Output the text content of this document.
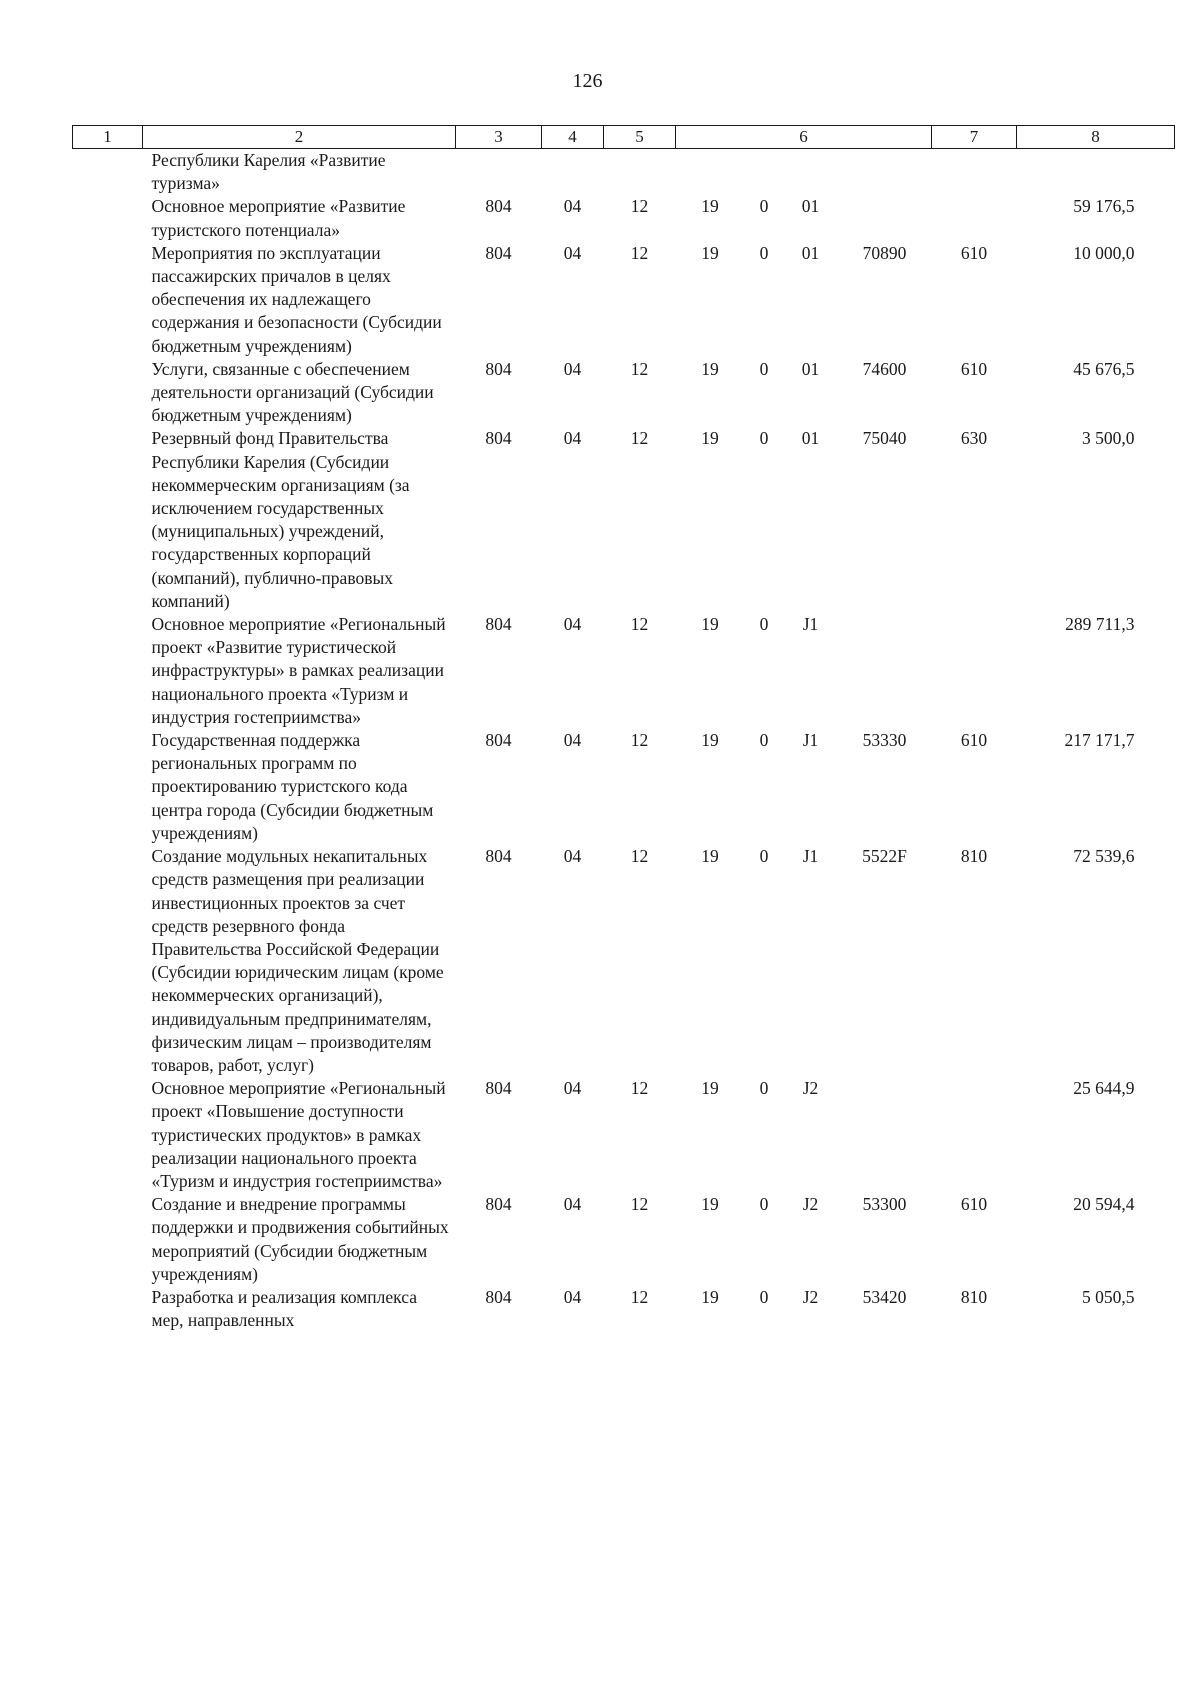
126
1	2	3	4	5	6				7	8
	Республики Карелия «Развитие туризма»									
	Основное мероприятие «Развитие туристского потенциала»	804	04	12	19	0	01			59 176,5
	Мероприятия по эксплуатации пассажирских причалов в целях обеспечения их надлежащего содержания и безопасности (Субсидии бюджетным учреждениям)	804	04	12	19	0	01	70890	610	10 000,0
	Услуги, связанные с обеспечением деятельности организаций (Субсидии бюджетным учреждениям)	804	04	12	19	0	01	74600	610	45 676,5
	Резервный фонд Правительства Республики Карелия (Субсидии некоммерческим организациям (за исключением государственных (муниципальных) учреждений, государственных корпораций (компаний), публично-правовых компаний)	804	04	12	19	0	01	75040	630	3 500,0
	Основное мероприятие «Региональный проект «Развитие туристической инфраструктуры» в рамках реализации национального проекта «Туризм и индустрия гостеприимства»	804	04	12	19	0	J1			289 711,3
	Государственная поддержка региональных программ по проектированию туристского кода центра города (Субсидии бюджетным учреждениям)	804	04	12	19	0	J1	53330	610	217 171,7
	Создание модульных некапитальных средств размещения при реализации инвестиционных проектов за счет средств резервного фонда Правительства Российской Федерации (Субсидии юридическим лицам (кроме некоммерческих организаций), индивидуальным предпринимателям, физическим лицам – производителям товаров, работ, услуг)	804	04	12	19	0	J1	5522F	810	72 539,6
	Основное мероприятие «Региональный проект «Повышение доступности туристических продуктов» в рамках реализации национального проекта «Туризм и индустрия гостеприимства»	804	04	12	19	0	J2			25 644,9
	Создание и внедрение программы поддержки и продвижения событийных мероприятий (Субсидии бюджетным учреждениям)	804	04	12	19	0	J2	53300	610	20 594,4
	Разработка и реализация комплекса мер, направленных	804	04	12	19	0	J2	53420	810	5 050,5
